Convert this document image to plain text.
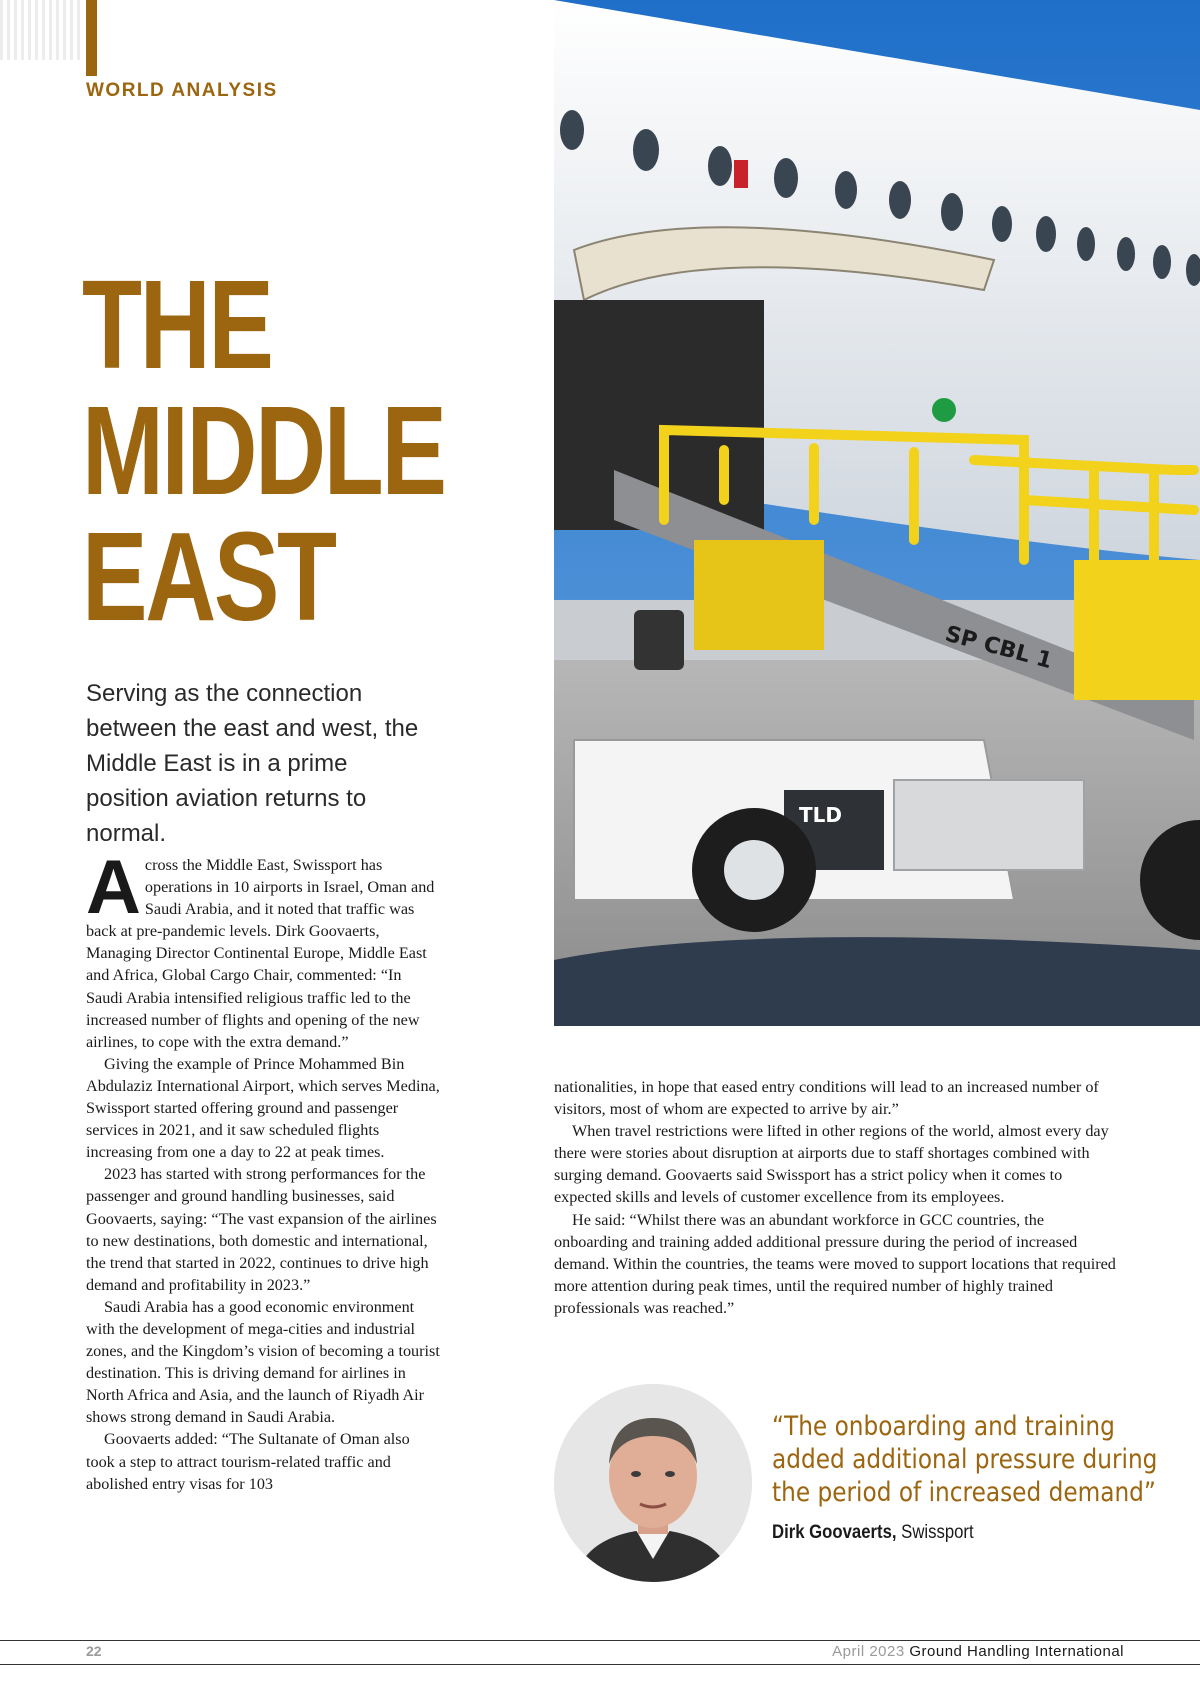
WORLD ANALYSIS
THE
MIDDLE
EAST

Serving as the connection between the east and west, the Middle East is in a prime position aviation returns to normal.

Across the Middle East, Swissport has operations in 10 airports in Israel, Oman and Saudi Arabia, and it noted that traffic was back at pre-pandemic levels. Dirk Goovaerts, Managing Director Continental Europe, Middle East and Africa, Global Cargo Chair, commented: “In Saudi Arabia intensified religious traffic led to the increased number of flights and opening of the new airlines, to cope with the extra demand.”

Giving the example of Prince Mohammed Bin Abdulaziz International Airport, which serves Medina, Swissport started offering ground and passenger services in 2021, and it saw scheduled flights increasing from one a day to 22 at peak times.

2023 has started with strong performances for the passenger and ground handling businesses, said Goovaerts, saying: “The vast expansion of the airlines to new destinations, both domestic and international, the trend that started in 2022, continues to drive high demand and profitability in 2023.”

Saudi Arabia has a good economic environment with the development of mega-cities and industrial zones, and the Kingdom’s vision of becoming a tourist destination. This is driving demand for airlines in North Africa and Asia, and the launch of Riyadh Air shows strong demand in Saudi Arabia.

Goovaerts added: “The Sultanate of Oman also took a step to attract tourism-related traffic and abolished entry visas for 103

SP CBL 1
TLD

nationalities, in hope that eased entry conditions will lead to an increased number of visitors, most of whom are expected to arrive by air.”

When travel restrictions were lifted in other regions of the world, almost every day there were stories about disruption at airports due to staff shortages combined with surging demand. Goovaerts said Swissport has a strict policy when it comes to expected skills and levels of customer excellence from its employees.

He said: “Whilst there was an abundant workforce in GCC countries, the onboarding and training added additional pressure during the period of increased demand. Within the countries, the teams were moved to support locations that required more attention during peak times, until the required number of highly trained professionals was reached.”

“The onboarding and training
added additional pressure during
the period of increased demand”

Dirk Goovaerts, Swissport
22	April 2023 Ground Handling International
